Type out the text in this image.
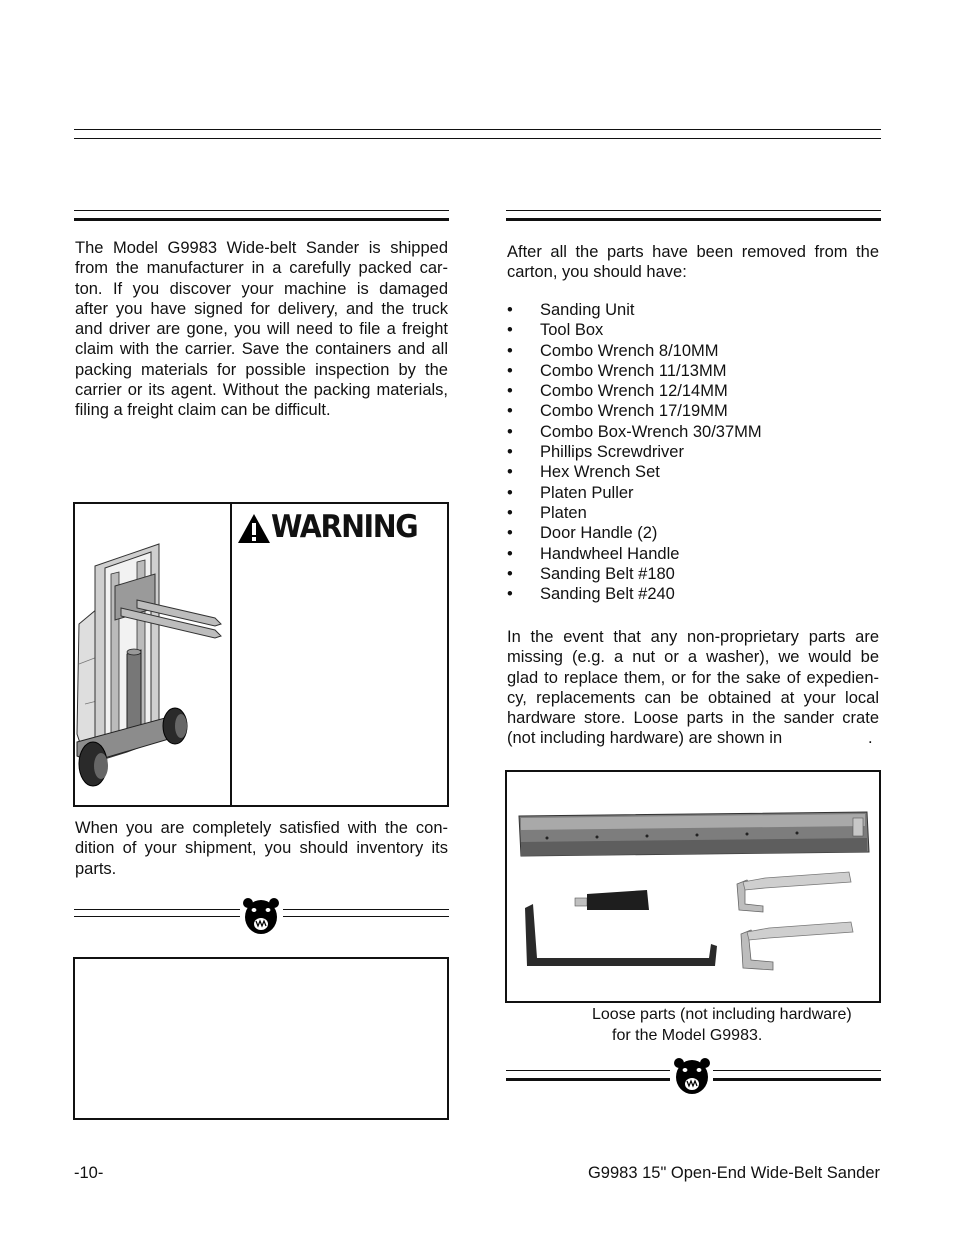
The Model G9983 Wide-belt Sander is shipped
from the manufacturer in a carefully packed car-
ton. If you discover your machine is damaged
after you have signed for delivery, and the truck
and driver are gone, you will need to file a freight
claim with the carrier. Save the containers and all
packing materials for possible inspection by the
carrier or its agent. Without the packing materials,
filing a freight claim can be difficult.
WARNING
When you are completely satisfied with the con-
dition of your shipment, you should inventory its
parts.
After all the parts have been removed from the
carton, you should have:
• Sanding Unit
• Tool Box
• Combo Wrench 8/10MM
• Combo Wrench 11/13MM
• Combo Wrench 12/14MM
• Combo Wrench 17/19MM
• Combo Box-Wrench 30/37MM
• Phillips Screwdriver
• Hex Wrench Set
• Platen Puller
• Platen
• Door Handle (2)
• Handwheel Handle
• Sanding Belt #180
• Sanding Belt #240
In the event that any non-proprietary parts are
missing (e.g. a nut or a washer), we would be
glad to replace them, or for the sake of expedien-
cy, replacements can be obtained at your local
hardware store. Loose parts in the sander crate
(not including hardware) are shown in	.
Loose parts (not including hardware)
for the Model G9983.
-10-	G9983 15" Open-End Wide-Belt Sander
